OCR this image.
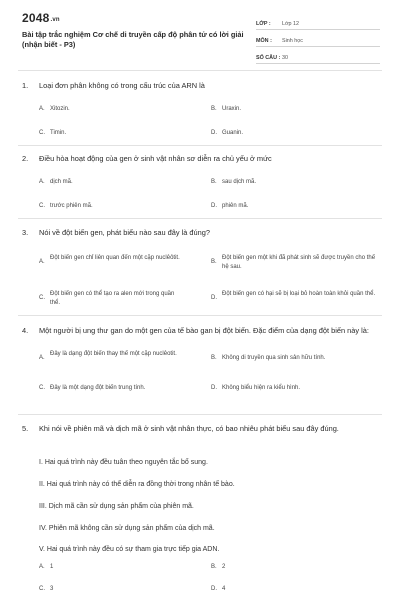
2048.vn
Bài tập trắc nghiệm Cơ chế di truyền cấp độ phân tử có lời giải (nhận biết - P3)
LỚP :	Lớp 12
MÔN :	Sinh học
SỐ CÂU : 30
1.	Loại đơn phân không có trong cấu trúc của ARN là
A. Xitozin.	B. Uraxin.
C. Timin.	D. Guanin.
2.	Điều hòa hoạt động của gen ở sinh vật nhân sơ diễn ra chủ yếu ở mức
A. dịch mã.	B. sau dịch mã.
C. trước phiên mã.	D. phiên mã.
3.	Nói về đột biến gen, phát biểu nào sau đây là đúng?
A.
Đột biến gen chỉ liên quan đến một cặp nuclêôtit.
B.
Đột biến gen một khi đã phát sinh sẽ được truyền cho thế hệ sau.
C.
Đột biến gen có thể tạo ra alen mới trong quần thể.
D.
Đột biến gen có hại sẽ bị loại bỏ hoàn toàn khỏi quần thể.
4.	Một người bị ung thư gan do một gen của tế bào gan bị đột biến. Đặc điểm của dạng đột biến này là:
A.
Đây là dạng đột biến thay thế một cặp nuclêotit.
B. Không di truyền qua sinh sản hữu tính.
C. Đây là một dạng đột biến trung tính.	D. Không biểu hiện ra kiểu hình.
5.	Khi nói về phiên mã và dịch mã ở sinh vật nhân thực, có bao nhiêu phát biểu sau đây đúng.
I. Hai quá trình này đều tuân theo nguyên tắc bổ sung.
II. Hai quá trình này có thể diễn ra đồng thời trong nhân tế bào.
III. Dịch mã cần sử dụng sản phẩm của phiên mã.
IV. Phiên mã không cần sử dụng sản phẩm của dịch mã.
V. Hai quá trình này đều có sự tham gia trực tiếp gia ADN.
A. 1	B. 2
C. 3	D. 4
